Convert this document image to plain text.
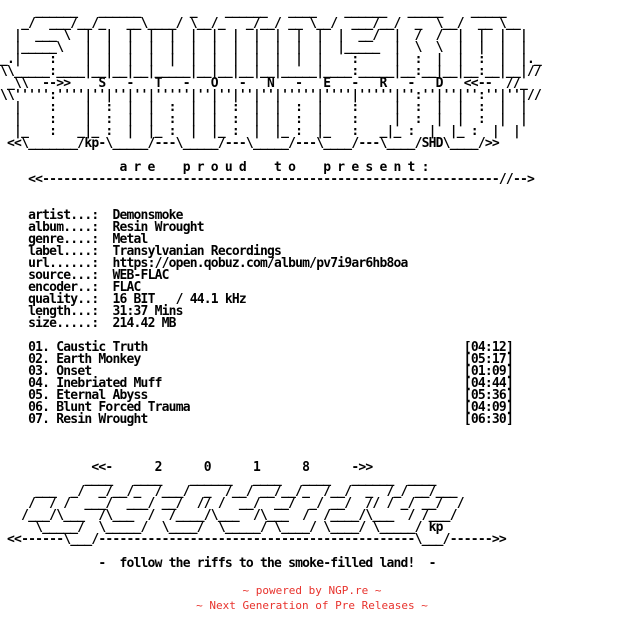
______   ______       _    ______   ____    ______   _____    _____
_/  ___/__/_   __\____/ \__/_   _/__/ __ \__/  ___/__/  _  \__/  __ \__
|  ___ \  |  |  |  |  |  |  |  |  |  |  |  |  |  __/  |  /  /  |  |  |  |
|_____\   |  |  |  |  |  |  |  |  |  |  |  |  |_____  |  \  \  |  |  |  |
_.|    :    |  |  |  |  |  |  |  |  |  |  |  |    :     |  :  |  |  :  |  |._
\\_____:____|__|__|__|_____|__|__|__|__|_____|____:_____|__:__|__|__:__|__|//
_\\  -->>    S   -   T   -   O   -   N   -   E   -   R   -   D   <<--  //_
\\''''':''''|''|''|''|'''''|''|''|''|''|'''''|''''|'''''|'':''|''|'':''|''|//
|    :    |  :  |  |  :  |  |  :  |  |  :  |    :     |  :  |  |  :  |  |
|    :    |  :  |  |  :  |  |  :  |  |  :  |    :     |  :  |  |  :  |  |
|_   :   _|_ :  |  |_ :  |  |_ :  |  |_ :  |_   :   _|_ :  |  |_ :  |  |
<<\_______/kp-\_____/---\_____/---\_____/---\____/---\____/SHD\____/>>

a r e    p r o u d    t o    p r e s e n t :
<<-----------------------------------------------------------------//-->

artist...: Demonsmoke
album....: Resin Wrought
genre....: Metal
label....: Transylvanian Recordings
url......: https://open.qobuz.com/album/pv7i9ar6hb8oa
source...: WEB-FLAC
encoder..: FLAC
quality..: 16 BIT   / 44.1 kHz
length...: 31:37 Mins
size.....: 214.42 MB

01. Caustic Truth	[04:12]
02. Earth Monkey	[05:17]
03. Onset	[01:09]
04. Inebriated Muff	[04:44]
05. Eternal Abyss	[05:36]
06. Blunt Forced Trauma	[04:09]
07. Resin Wrought	[06:30]

<<-      2      0      1      8      ->>
____   ____    ______   ____   ____   ______  ____
___  _/  _/__/_  /___/  _  /__/ __/__/_  /__/  _  /_/ __/___
/  / /  ___/  ___/ __/  // /  __/  __/  _/ __/  // / _/ __/  /
/___/\___  /\___  /  /____/\___  /\___  /  /____/\___  / /___/
\_____/  \_____/  \____/  \_____/ \____/ \____/ \_____/ kp
<<------\___/---------------------------------------------\___/------>>

-  follow the riffs to the smoke-filled land!  -
~ powered by NGP.re ~
~ Next Generation of Pre Releases ~
